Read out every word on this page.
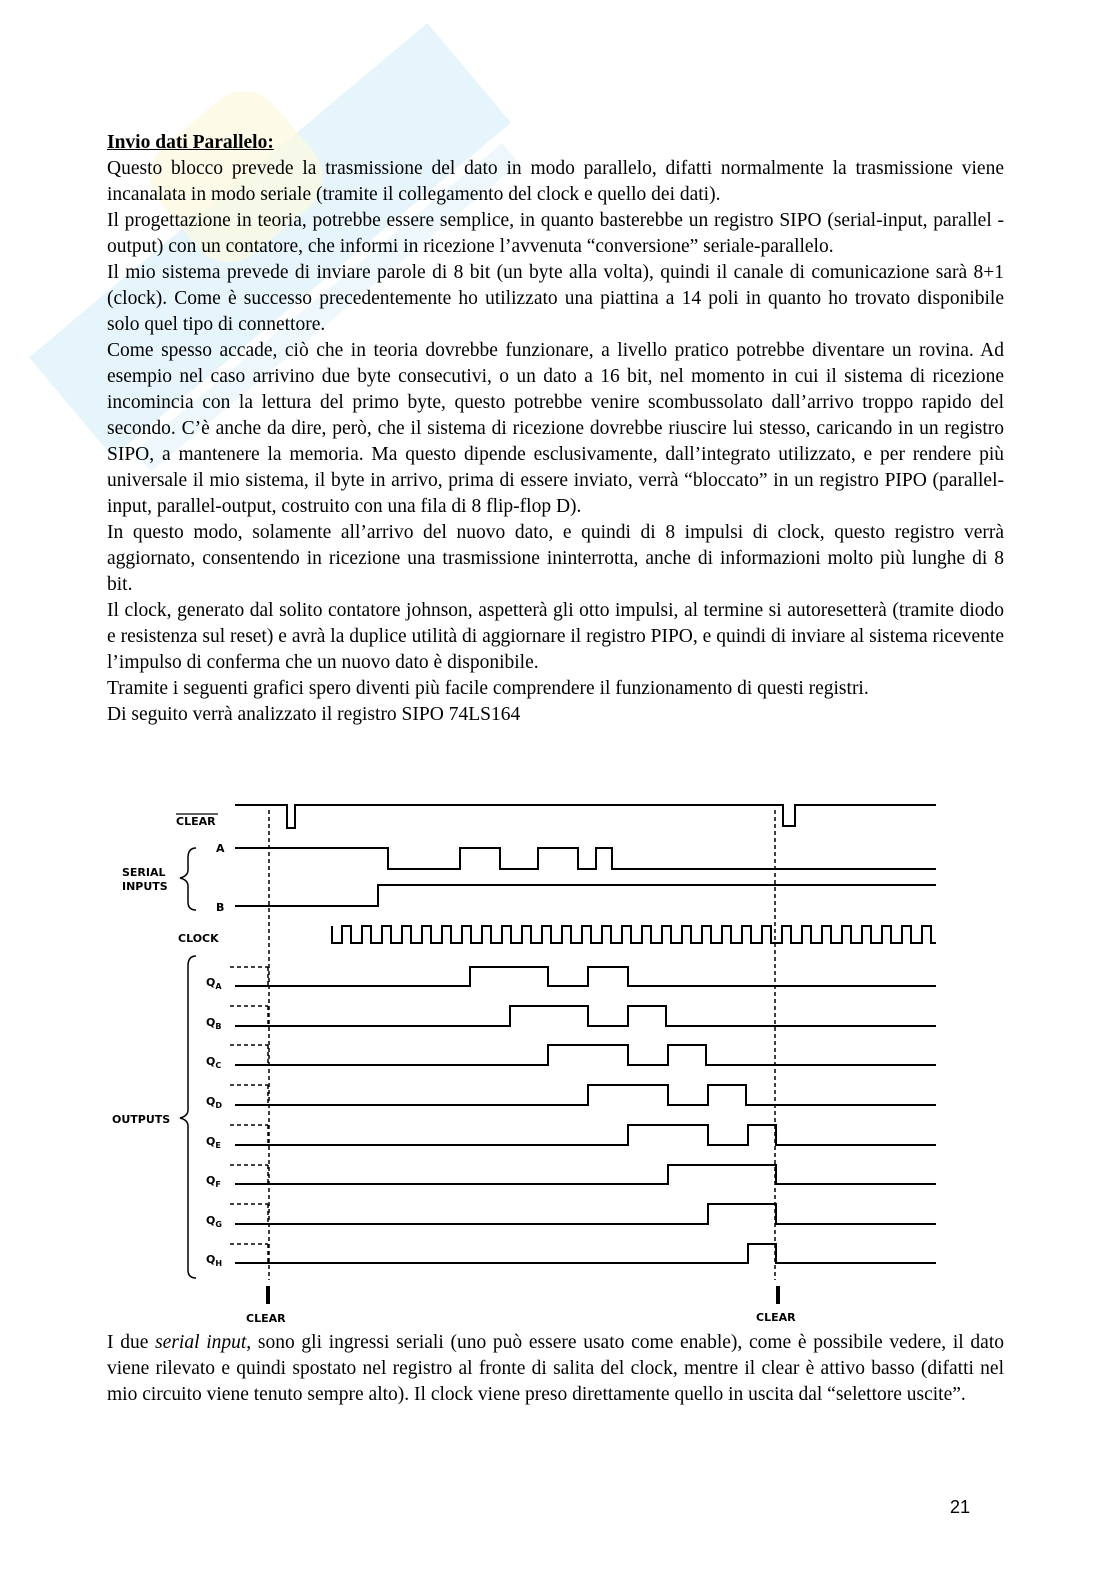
Invio dati Parallelo:

Questo blocco prevede la trasmissione del dato in modo parallelo, difatti normalmente la trasmissione viene incanalata in modo seriale (tramite il collegamento del clock e quello dei dati).

Il progettazione in teoria, potrebbe essere semplice, in quanto basterebbe un registro SIPO (serial-input, parallel - output) con un contatore, che informi in ricezione l’avvenuta “conversione” seriale-parallelo.

Il mio sistema prevede di inviare parole di 8 bit (un byte alla volta), quindi il canale di comunicazione sarà 8+1 (clock). Come è successo precedentemente ho utilizzato una piattina a 14 poli in quanto ho trovato disponibile solo quel tipo di connettore.

Come spesso accade, ciò che in teoria dovrebbe funzionare, a livello pratico potrebbe diventare un rovina. Ad esempio nel caso arrivino due byte consecutivi, o un dato a 16 bit, nel momento in cui il sistema di ricezione incomincia con la lettura del primo byte, questo potrebbe venire scombussolato dall’arrivo troppo rapido del secondo. C’è anche da dire, però, che il sistema di ricezione dovrebbe riuscire lui stesso, caricando in un registro SIPO, a mantenere la memoria. Ma questo dipende esclusivamente, dall’integrato utilizzato, e per rendere più universale il mio sistema, il byte in arrivo, prima di essere inviato, verrà “bloccato” in un registro PIPO (parallel-input, parallel-output, costruito con una fila di 8 flip-flop D).

In questo modo, solamente all’arrivo del nuovo dato, e quindi di 8 impulsi di clock, questo registro verrà aggiornato, consentendo in ricezione una trasmissione ininterrotta, anche di informazioni molto più lunghe di 8 bit.

Il clock, generato dal solito contatore johnson, aspetterà gli otto impulsi, al termine si autoresetterà (tramite diodo e resistenza sul reset) e avrà la duplice utilità di aggiornare il registro PIPO, e quindi di inviare al sistema ricevente l’impulso di conferma che un nuovo dato è disponibile.

Tramite i seguenti grafici spero diventi più facile comprendere il funzionamento di questi registri.

Di seguito verrà analizzato il registro SIPO 74LS164

CLEAR
A
SERIAL
INPUTS
B
CLOCK
OUTPUTS
$Q_A$
$Q_B$
$Q_C$
$Q_D$
$Q_E$
$Q_F$
$Q_G$
$Q_H$
CLEAR	CLEAR

I due serial input, sono gli ingressi seriali (uno può essere usato come enable), come è possibile vedere, il dato viene rilevato e quindi spostato nel registro al fronte di salita del clock, mentre il clear è attivo basso (difatti nel mio circuito viene tenuto sempre alto). Il clock viene preso direttamente quello in uscita dal “selettore uscite”.

21
